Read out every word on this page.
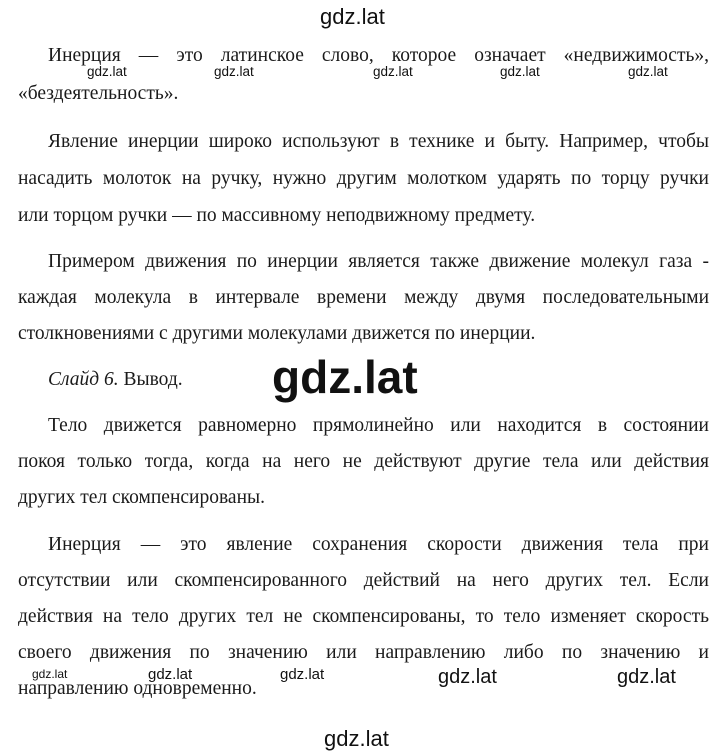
gdz.lat
Инерция — это латинское слово, которое означает «недвижимость»,
gdz.lat	gdz.lat	gdz.lat	gdz.lat	gdz.lat
«бездеятельность».
Явление инерции широко используют в технике и быту. Например, чтобы
насадить молоток на ручку, нужно другим молотком ударять по торцу ручки
или торцом ручки — по массивному неподвижному предмету.
Примером движения по инерции является также движение молекул газа -
каждая молекула в интервале времени между двумя последовательными
столкновениями с другими молекулами движется по инерции.
Слайд 6. Вывод.	gdz.lat
Тело движется равномерно прямолинейно или находится в состоянии
покоя только тогда, когда на него не действуют другие тела или действия
других тел скомпенсированы.
Инерция — это явление сохранения скорости движения тела при
отсутствии или скомпенсированного действий на него других тел. Если
действия на тело других тел не скомпенсированы, то тело изменяет скорость
своего движения по значению или направлению либо по значению и
gdz.lat	gdz.lat	gdz.lat	gdz.lat	gdz.lat
направлению одновременно.
gdz.lat
